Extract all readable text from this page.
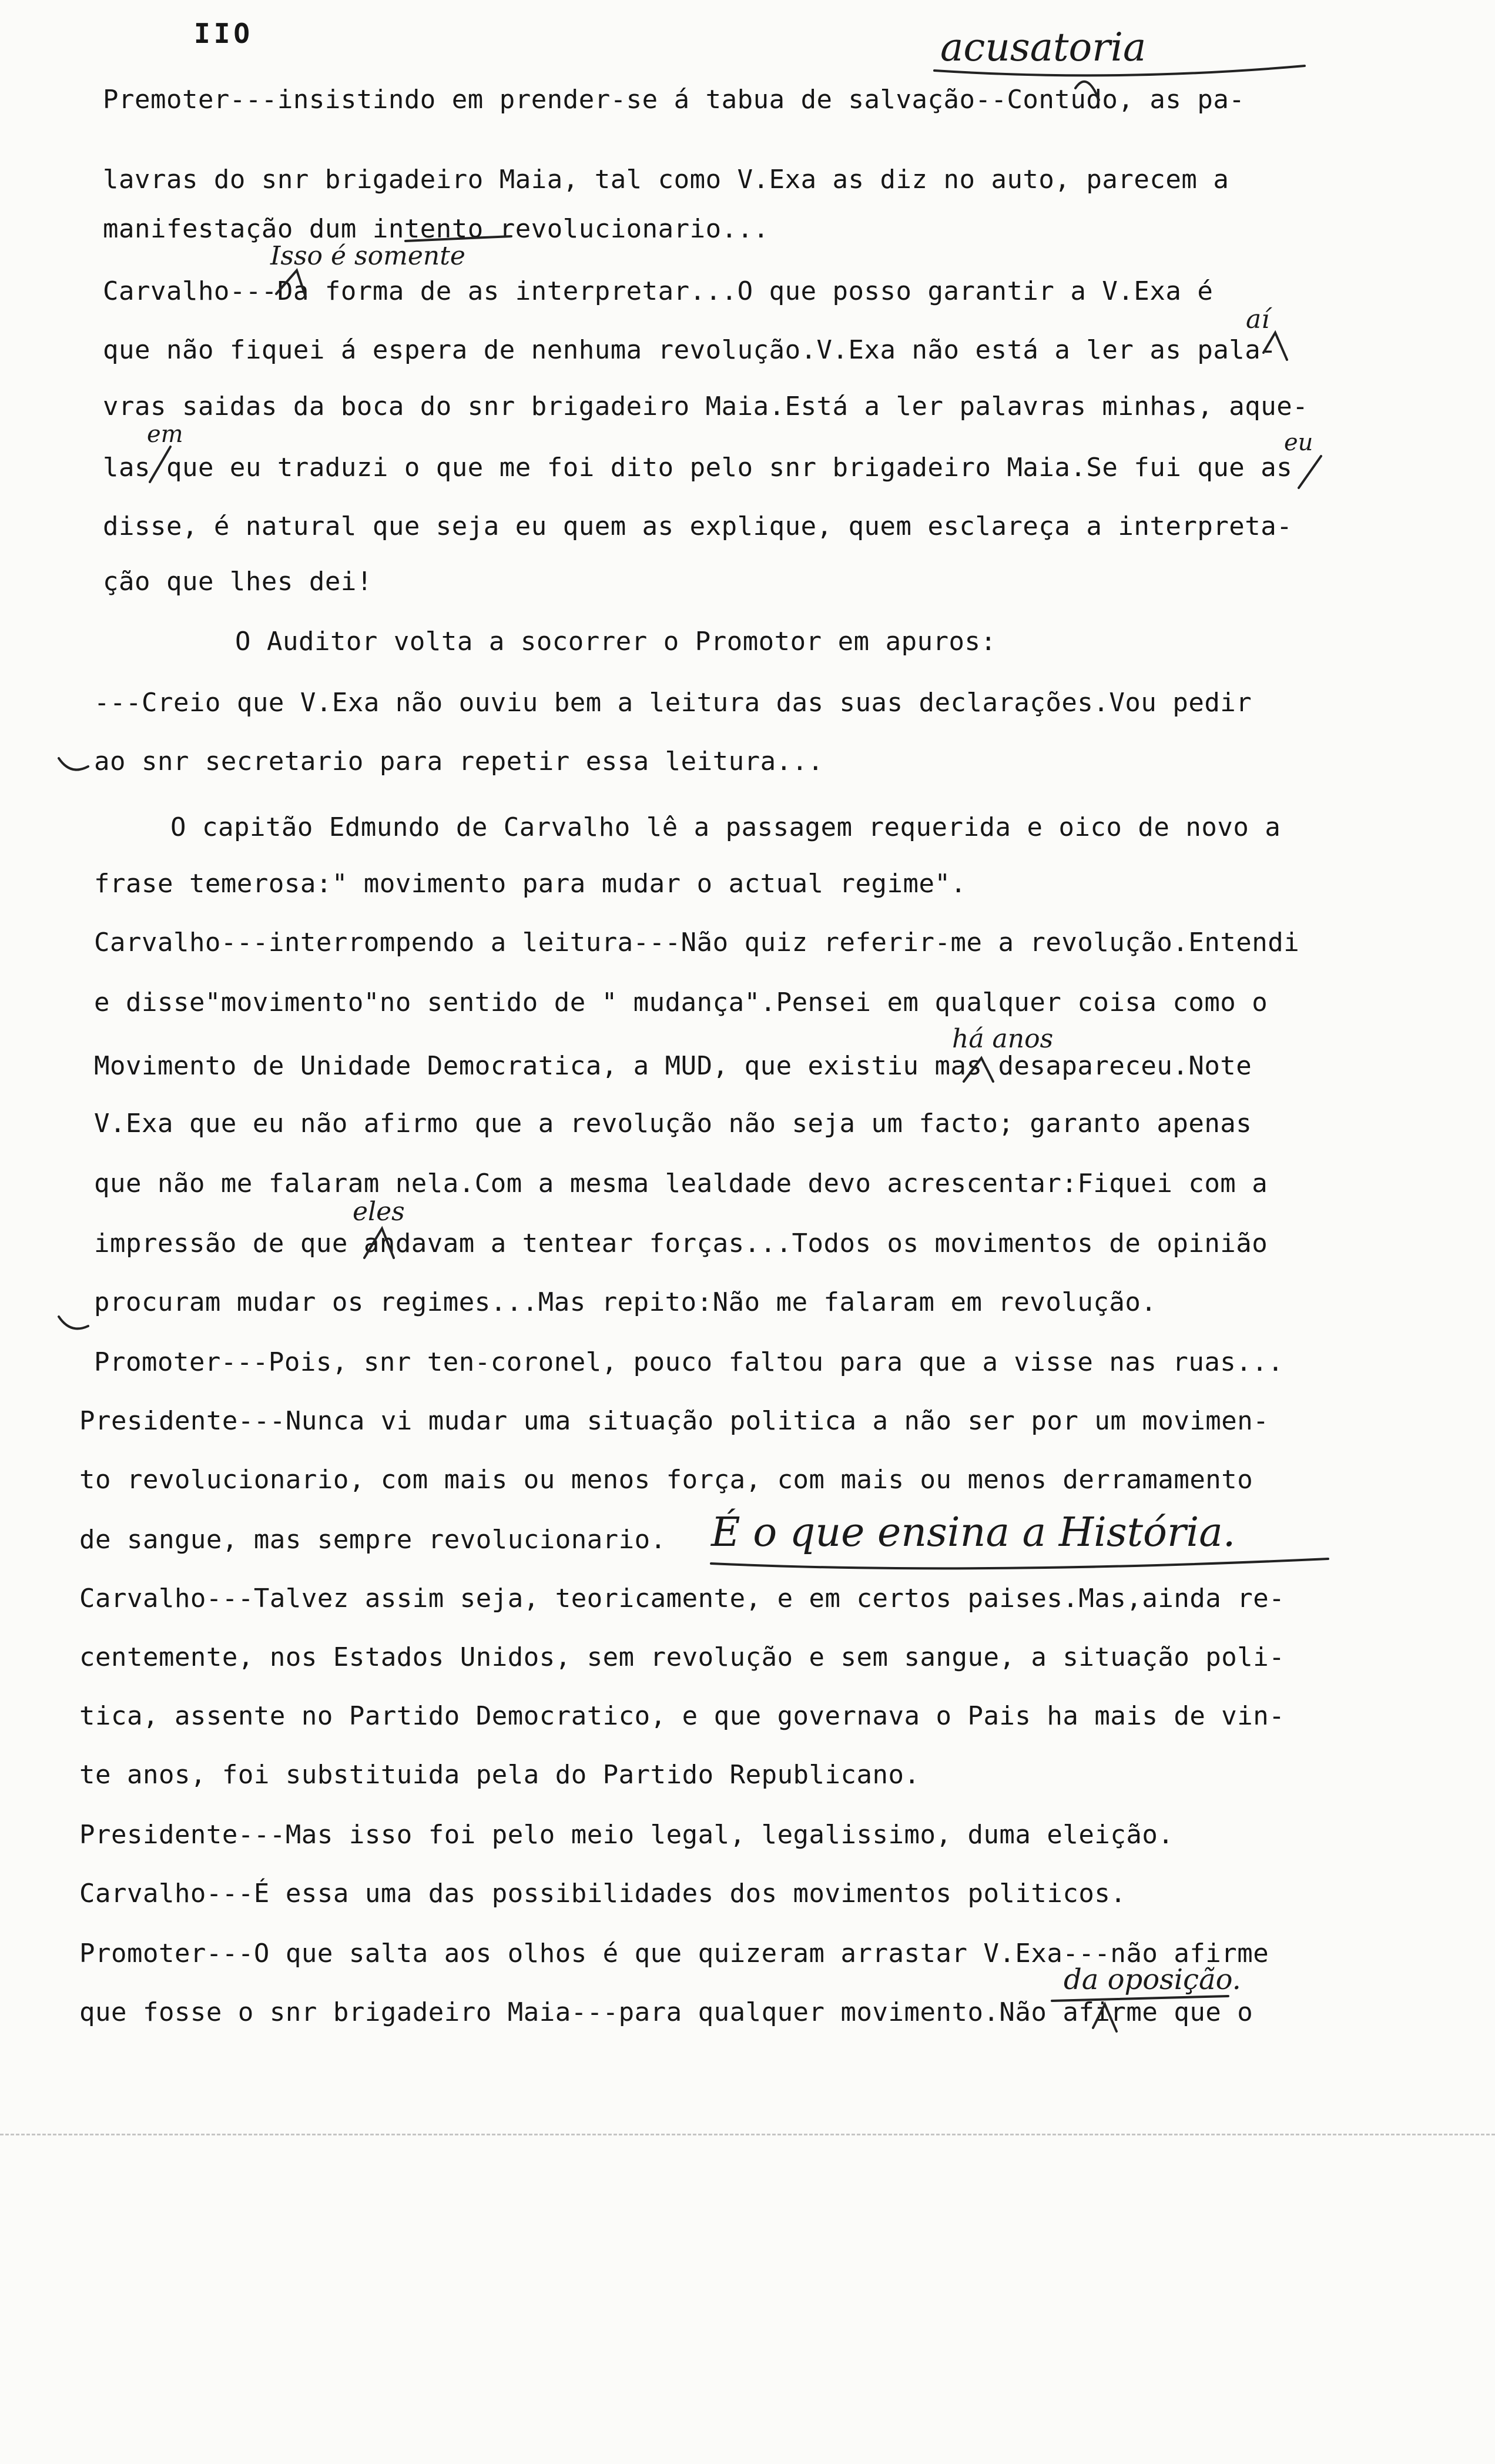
IIO	acusatoria
Premoter---insistindo em prender-se á tabua de salvação--Contudo, as pa-
lavras do snr brigadeiro Maia, tal como V.Exa as diz no auto, parecem a
manifestação dum intento revolucionario...
Carvalho---Da forma de as interpretar...O que posso garantir a V.Exa é
que não fiquei á espera de nenhuma revolução.V.Exa não está a ler as pala-
vras saidas da boca do snr brigadeiro Maia.Está a ler palavras minhas, aque-
las que eu traduzi o que me foi dito pelo snr brigadeiro Maia.Se fui que as
disse, é natural que seja eu quem as explique, quem esclareça a interpreta-
ção que lhes dei!
O Auditor volta a socorrer o Promotor em apuros:
---Creio que V.Exa não ouviu bem a leitura das suas declarações.Vou pedir
ao snr secretario para repetir essa leitura...
O capitão Edmundo de Carvalho lê a passagem requerida e oico de novo a
frase temerosa:" movimento para mudar o actual regime".
Carvalho---interrompendo a leitura---Não quiz referir-me a revolução.Entendi
e disse"movimento"no sentido de " mudança".Pensei em qualquer coisa como o
Movimento de Unidade Democratica, a MUD, que existiu mas desapareceu.Note
V.Exa que eu não afirmo que a revolução não seja um facto; garanto apenas
que não me falaram nela.Com a mesma lealdade devo acrescentar:Fiquei com a
impressão de que andavam a tentear forças...Todos os movimentos de opinião
procuram mudar os regimes...Mas repito:Não me falaram em revolução.
Promoter---Pois, snr ten-coronel, pouco faltou para que a visse nas ruas...
Presidente---Nunca vi mudar uma situação politica a não ser por um movimen-
to revolucionario, com mais ou menos força, com mais ou menos derramamento
de sangue, mas sempre revolucionario. É o que ensina a História.
Carvalho---Talvez assim seja, teoricamente, e em certos paises.Mas,ainda re-
centemente, nos Estados Unidos, sem revolução e sem sangue, a situação poli-
tica, assente no Partido Democratico, e que governava o Pais ha mais de vin-
te anos, foi substituida pela do Partido Republicano.
Presidente---Mas isso foi pelo meio legal, legalissimo, duma eleição.
Carvalho---É essa uma das possibilidades dos movimentos politicos.
Promoter---O que salta aos olhos é que quizeram arrastar V.Exa---não afirme
que fosse o snr brigadeiro Maia---para qualquer movimento.Não afirme que o
Isso é somente
aí
em	eu
há anos
eles
da oposição.
